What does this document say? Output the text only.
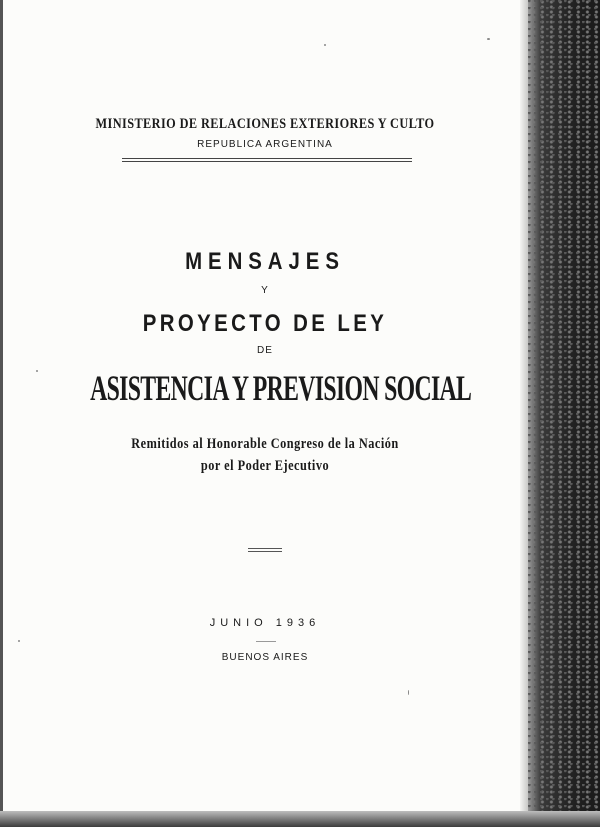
MINISTERIO DE RELACIONES EXTERIORES Y CULTO
REPUBLICA ARGENTINA
MENSAJES
Y
PROYECTO DE LEY
DE
ASISTENCIA Y PREVISION SOCIAL
Remitidos al Honorable Congreso de la Nación
por el Poder Ejecutivo
JUNIO 1936
BUENOS AIRES
